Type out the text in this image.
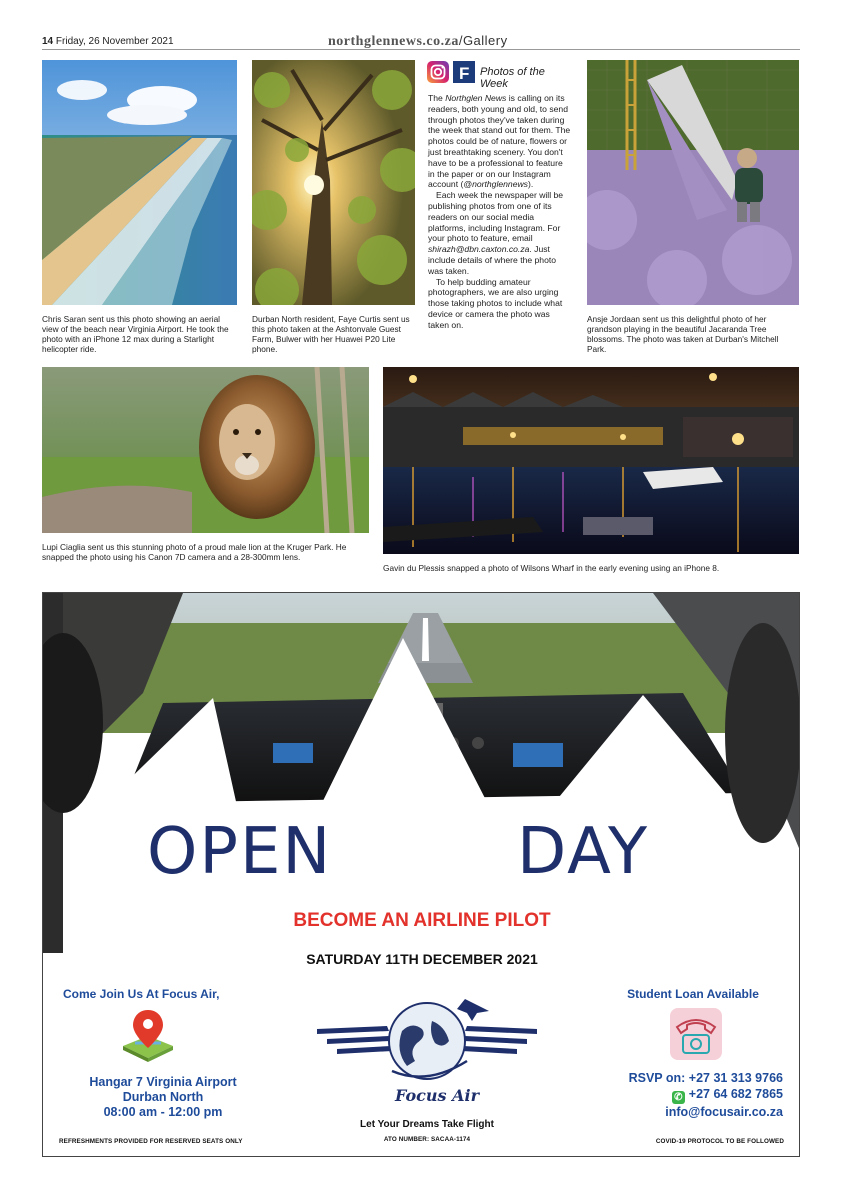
14 Friday, 26 November 2021	northglennews.co.za/Gallery
Chris Saran sent us this photo showing an aerial view of the beach near Virginia Airport. He took the photo with an iPhone 12 max during a Starlight helicopter ride.
Durban North resident, Faye Curtis sent us this photo taken at the Ashtonvale Guest Farm, Bulwer with her Huawei P20 Lite phone.
F Photos of the Week

The Northglen News is calling on its readers, both young and old, to send through photos they've taken during the week that stand out for them. The photos could be of nature, flowers or just breathtaking scenery. You don't have to be a professional to feature in the paper or on our Instagram account (@northglennews).

Each week the newspaper will be publishing photos from one of its readers on our social media platforms, including Instagram. For your photo to feature, email shirazh@dbn.caxton.co.za. Just include details of where the photo was taken.

To help budding amateur photographers, we are also urging those taking photos to include what device or camera the photo was taken on.

Ansje Jordaan sent us this delightful photo of her grandson playing in the beautiful Jacaranda Tree blossoms. The photo was taken at Durban's Mitchell Park.
Lupi Ciaglia sent us this stunning photo of a proud male lion at the Kruger Park. He snapped the photo using his Canon 7D camera and a 28-300mm lens.
Gavin du Plessis snapped a photo of Wilsons Wharf in the early evening using an iPhone 8.
OPEN	DAY
BECOME AN AIRLINE PILOT
SATURDAY 11TH DECEMBER 2021
Come Join Us At Focus Air,
Hangar 7 Virginia Airport
Durban North
08:00 am - 12:00 pm
REFRESHMENTS PROVIDED FOR RESERVED SEATS ONLY
Focus Air
Let Your Dreams Take Flight
ATO NUMBER: SACAA-1174
Student Loan Available
RSVP on: +27 31 313 9766
✆ +27 64 682 7865
info@focusair.co.za
COVID-19 PROTOCOL TO BE FOLLOWED
